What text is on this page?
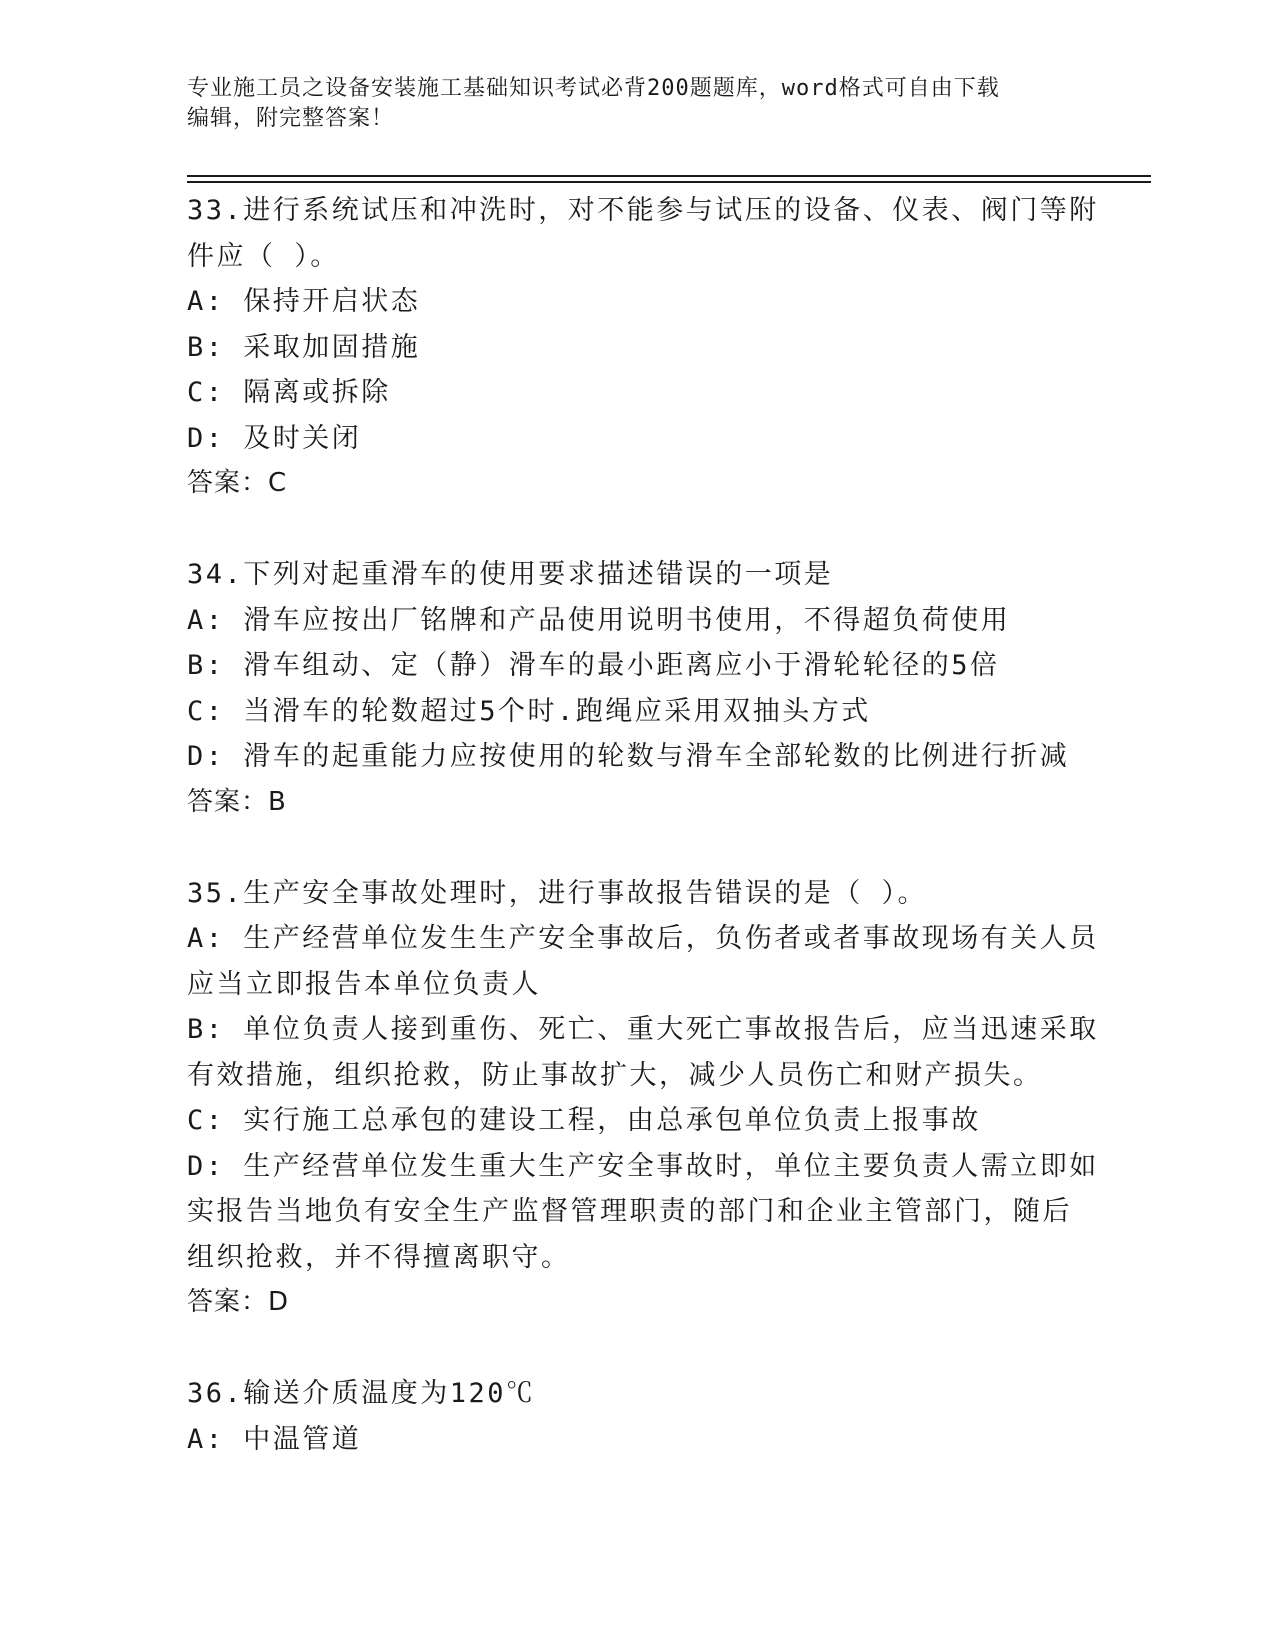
专业施工员之设备安装施工基础知识考试必背200题题库，word格式可自由下载
编辑，附完整答案！
33.进行系统试压和冲洗时，对不能参与试压的设备、仪表、阀门等附
件应（ ）。
A: 保持开启状态
B: 采取加固措施
C: 隔离或拆除
D: 及时关闭
答案：C
34.下列对起重滑车的使用要求描述错误的一项是
A: 滑车应按出厂铭牌和产品使用说明书使用，不得超负荷使用
B: 滑车组动、定（静）滑车的最小距离应小于滑轮轮径的5倍
C: 当滑车的轮数超过5个时.跑绳应采用双抽头方式
D: 滑车的起重能力应按使用的轮数与滑车全部轮数的比例进行折减
答案：B
35.生产安全事故处理时，进行事故报告错误的是（ ）。
A: 生产经营单位发生生产安全事故后，负伤者或者事故现场有关人员
应当立即报告本单位负责人
B: 单位负责人接到重伤、死亡、重大死亡事故报告后，应当迅速采取
有效措施，组织抢救，防止事故扩大，减少人员伤亡和财产损失。
C: 实行施工总承包的建设工程，由总承包单位负责上报事故
D: 生产经营单位发生重大生产安全事故时，单位主要负责人需立即如
实报告当地负有安全生产监督管理职责的部门和企业主管部门，随后
组织抢救，并不得擅离职守。
答案：D
36.输送介质温度为120℃
A: 中温管道
